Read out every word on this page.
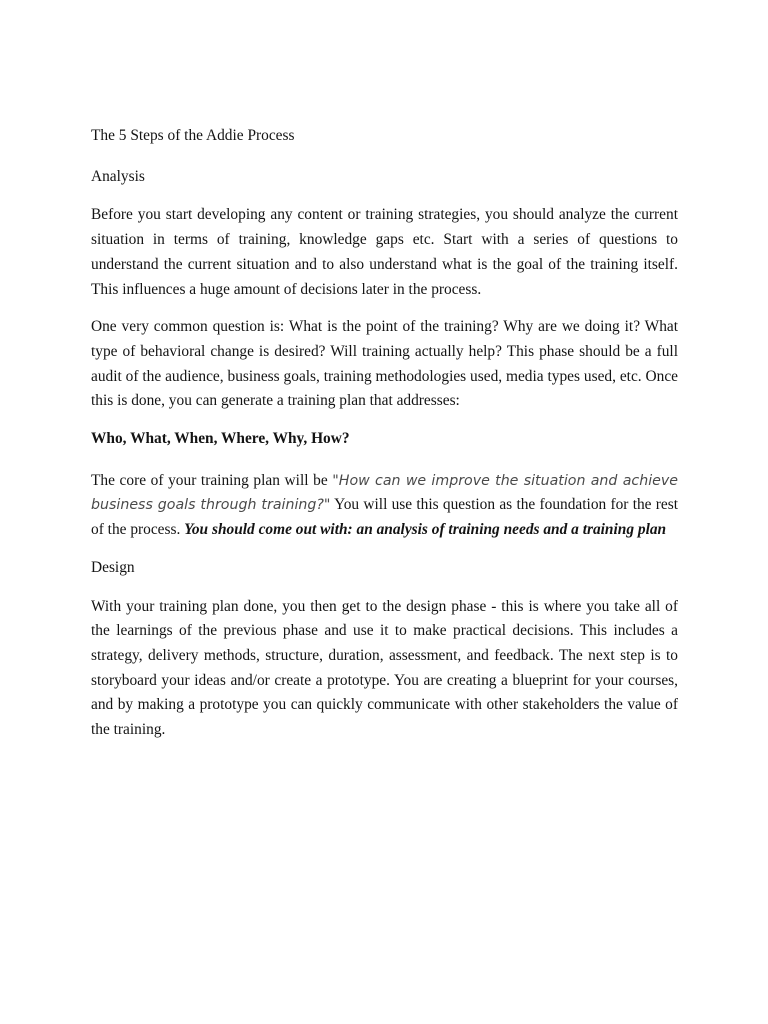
The 5 Steps of the Addie Process

Analysis

Before you start developing any content or training strategies, you should analyze the current situation in terms of training, knowledge gaps etc. Start with a series of questions to understand the current situation and to also understand what is the goal of the training itself. This influences a huge amount of decisions later in the process.

One very common question is: What is the point of the training? Why are we doing it? What type of behavioral change is desired? Will training actually help? This phase should be a full audit of the audience, business goals, training methodologies used, media types used, etc. Once this is done, you can generate a training plan that addresses:

Who, What, When, Where, Why, How?

The core of your training plan will be "How can we improve the situation and achieve business goals through training?" You will use this question as the foundation for the rest of the process. You should come out with: an analysis of training needs and a training plan

Design

With your training plan done, you then get to the design phase - this is where you take all of the learnings of the previous phase and use it to make practical decisions. This includes a strategy, delivery methods, structure, duration, assessment, and feedback. The next step is to storyboard your ideas and/or create a prototype. You are creating a blueprint for your courses, and by making a prototype you can quickly communicate with other stakeholders the value of the training.
